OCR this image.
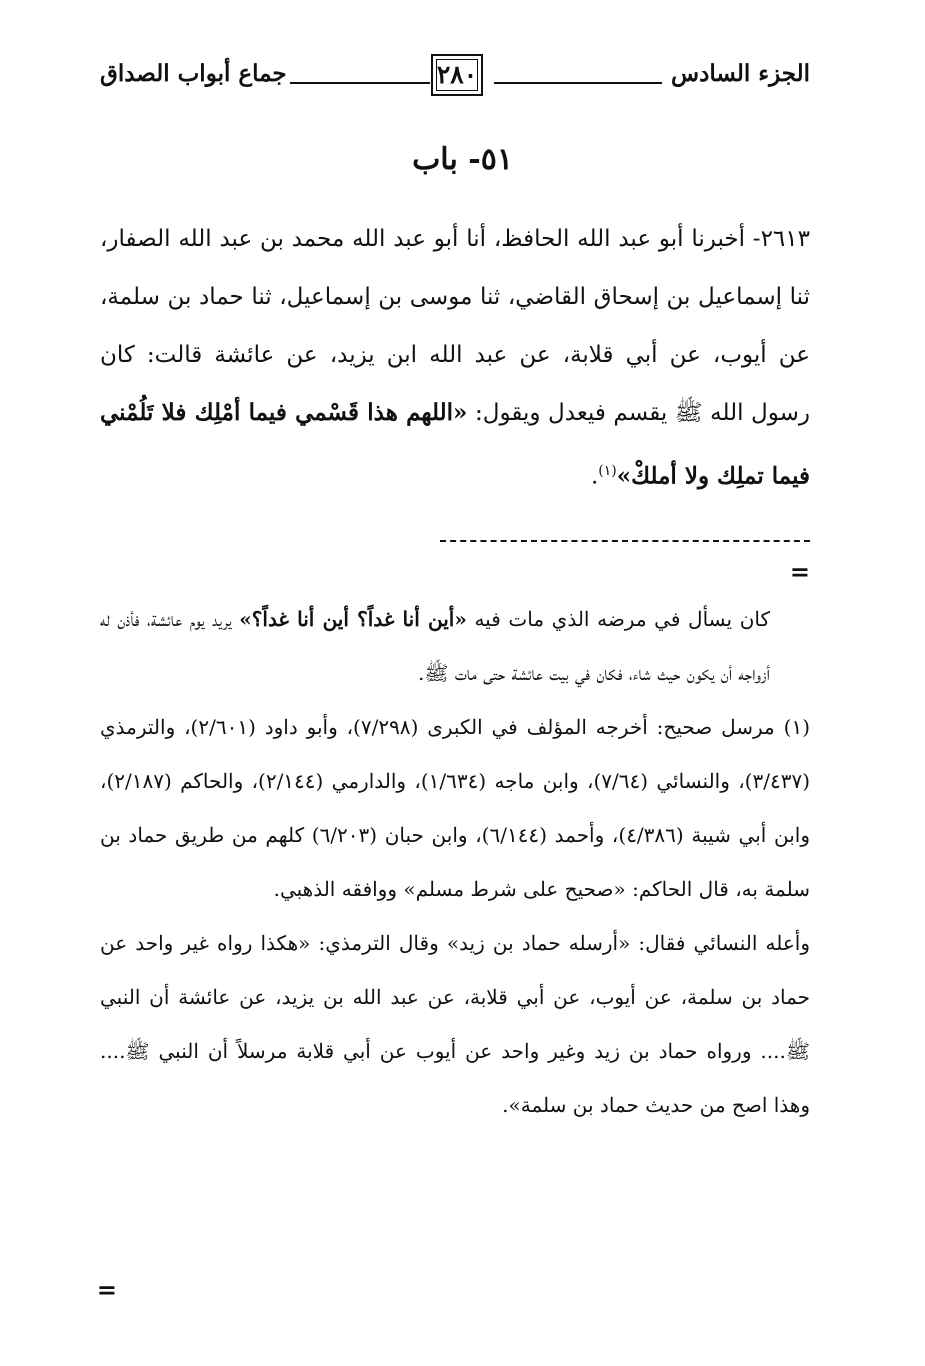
الجزء السادس
٢٨٠
جماع أبواب الصداق
٥١- باب
٢٦١٣- أخبرنا أبو عبد الله الحافظ، أنا أبو عبد الله محمد بن عبد الله الصفار، ثنا إسماعيل بن إسحاق القاضي، ثنا موسى بن إسماعيل، ثنا حماد بن سلمة، عن أيوب، عن أبي قلابة، عن عبد الله ابن يزيد، عن عائشة قالت: كان رسول الله ﷺ يقسم فيعدل ويقول: «اللهم هذا قَسْمي فيما أمْلِك فلا تَلُمْني فيما تملِك ولا أملكْ»$^{(١)}$.
=

كان يسأل في مرضه الذي مات فيه «أين أنا غداً؟ أين أنا غداً؟» يريد يوم عائشة، فأذن له أزواجه أن يكون حيث شاء، فكان في بيت عائشة حتى مات ﷺ.

(١) مرسل صحيح: أخرجه المؤلف في الكبرى (٧/٢٩٨)، وأبو داود (٢/٦٠١)، والترمذي (٣/٤٣٧)، والنسائي (٧/٦٤)، وابن ماجه (١/٦٣٤)، والدارمي (٢/١٤٤)، والحاكم (٢/١٨٧)، وابن أبي شيبة (٤/٣٨٦)، وأحمد (٦/١٤٤)، وابن حبان (٦/٢٠٣) كلهم من طريق حماد بن سلمة به، قال الحاكم: «صحيح على شرط مسلم» ووافقه الذهبي.

وأعله النسائي فقال: «أرسله حماد بن زيد» وقال الترمذي: «هكذا رواه غير واحد عن حماد بن سلمة، عن أيوب، عن أبي قلابة، عن عبد الله بن يزيد، عن عائشة أن النبي ﷺ.... ورواه حماد بن زيد وغير واحد عن أيوب عن أبي قلابة مرسلاً أن النبي ﷺ.... وهذا اصح من حديث حماد بن سلمة».

=
